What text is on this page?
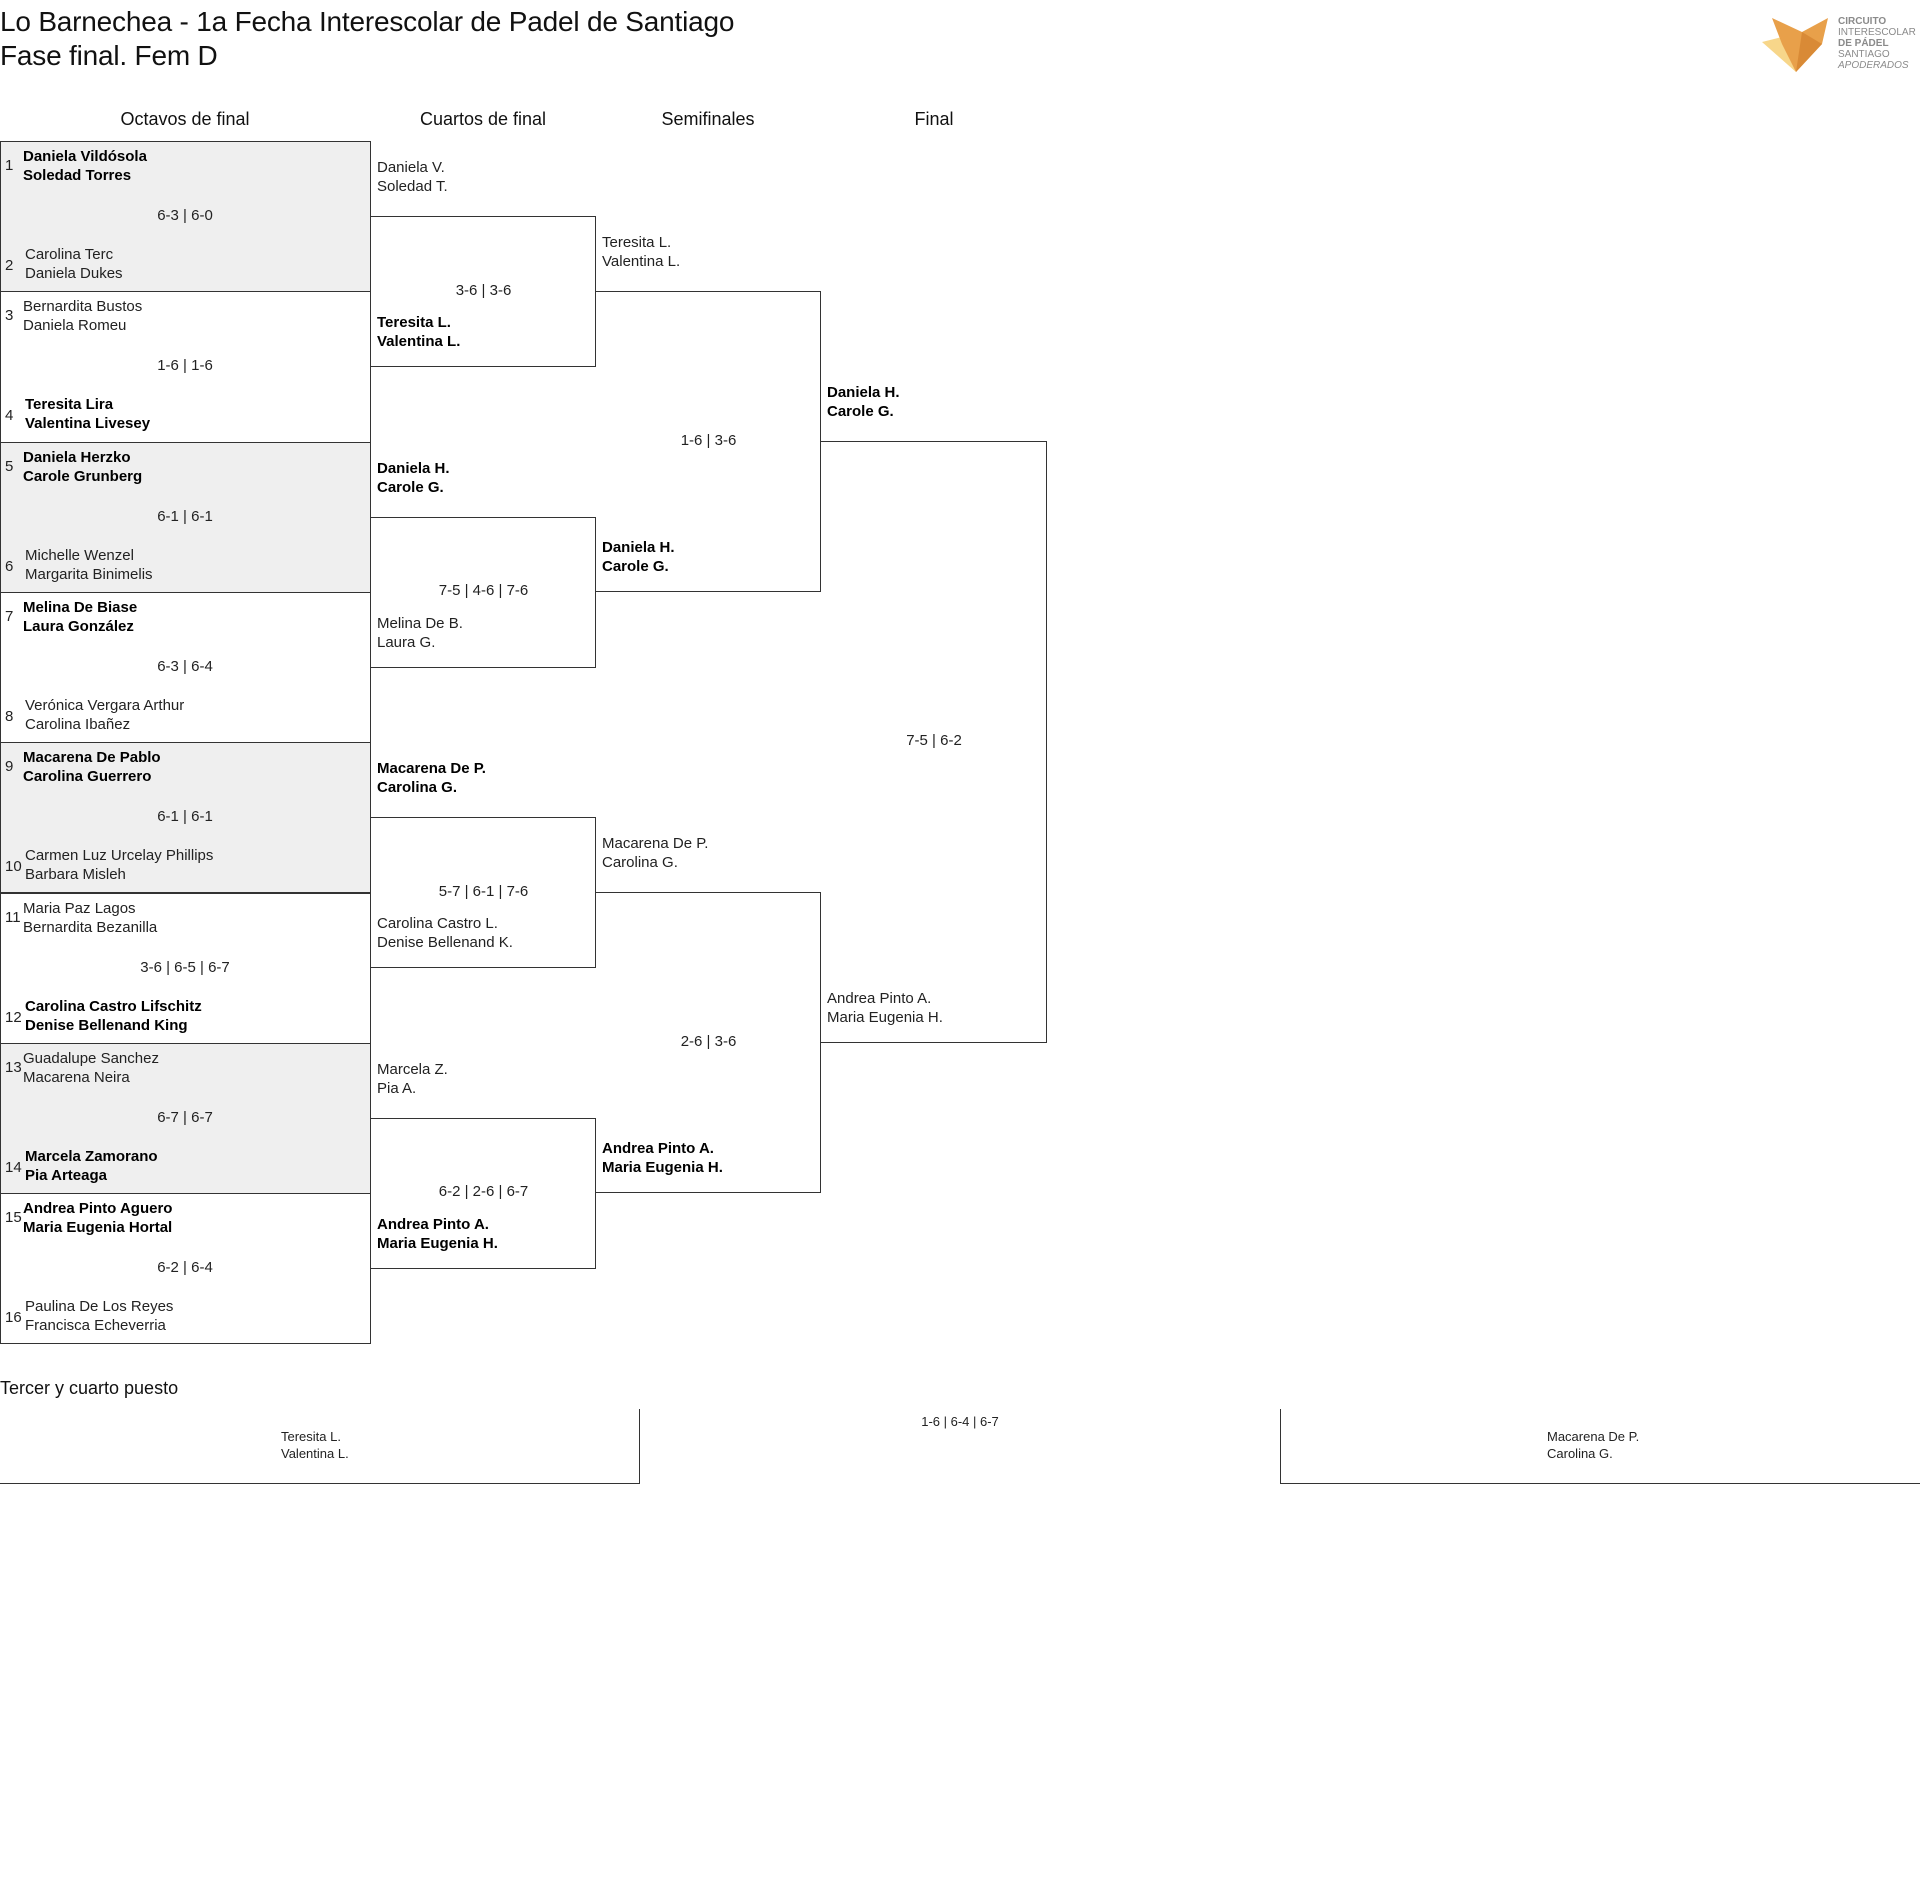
Lo Barnechea - 1a Fecha Interescolar de Padel de Santiago
Fase final. Fem D
CIRCUITO
INTERESCOLAR
DE PÁDEL
SANTIAGO
APODERADOS
Octavos de final	Cuartos de final	Semifinales	Final
1
Daniela Vildósola
Soledad Torres
6-3 | 6-0
2
Carolina Terc
Daniela Dukes
3
Bernardita Bustos
Daniela Romeu
1-6 | 1-6
4
Teresita Lira
Valentina Livesey
5
Daniela Herzko
Carole Grunberg
6-1 | 6-1
6
Michelle Wenzel
Margarita Binimelis
7
Melina De Biase
Laura González
6-3 | 6-4
8
Verónica Vergara Arthur
Carolina Ibañez
9
Macarena De Pablo
Carolina Guerrero
6-1 | 6-1
10
Carmen Luz Urcelay Phillips
Barbara Misleh
11
Maria Paz Lagos
Bernardita Bezanilla
3-6 | 6-5 | 6-7
12
Carolina Castro Lifschitz
Denise Bellenand King
13
Guadalupe Sanchez
Macarena Neira
6-7 | 6-7
14
Marcela Zamorano
Pia Arteaga
15
Andrea Pinto Aguero
Maria Eugenia Hortal
6-2 | 6-4
16
Paulina De Los Reyes
Francisca Echeverria
Daniela V.
Soledad T.
3-6 | 3-6
Teresita L.
Valentina L.
Daniela H.
Carole G.
7-5 | 4-6 | 7-6
Melina De B.
Laura G.
Macarena De P.
Carolina G.
5-7 | 6-1 | 7-6
Carolina Castro L.
Denise Bellenand K.
Marcela Z.
Pia A.
6-2 | 2-6 | 6-7
Andrea Pinto A.
Maria Eugenia H.
Teresita L.
Valentina L.
1-6 | 3-6
Daniela H.
Carole G.
Macarena De P.
Carolina G.
2-6 | 3-6
Andrea Pinto A.
Maria Eugenia H.
Daniela H.
Carole G.
7-5 | 6-2
Andrea Pinto A.
Maria Eugenia H.
Tercer y cuarto puesto
Teresita L.
Valentina L.
1-6 | 6-4 | 6-7
Macarena De P.
Carolina G.
